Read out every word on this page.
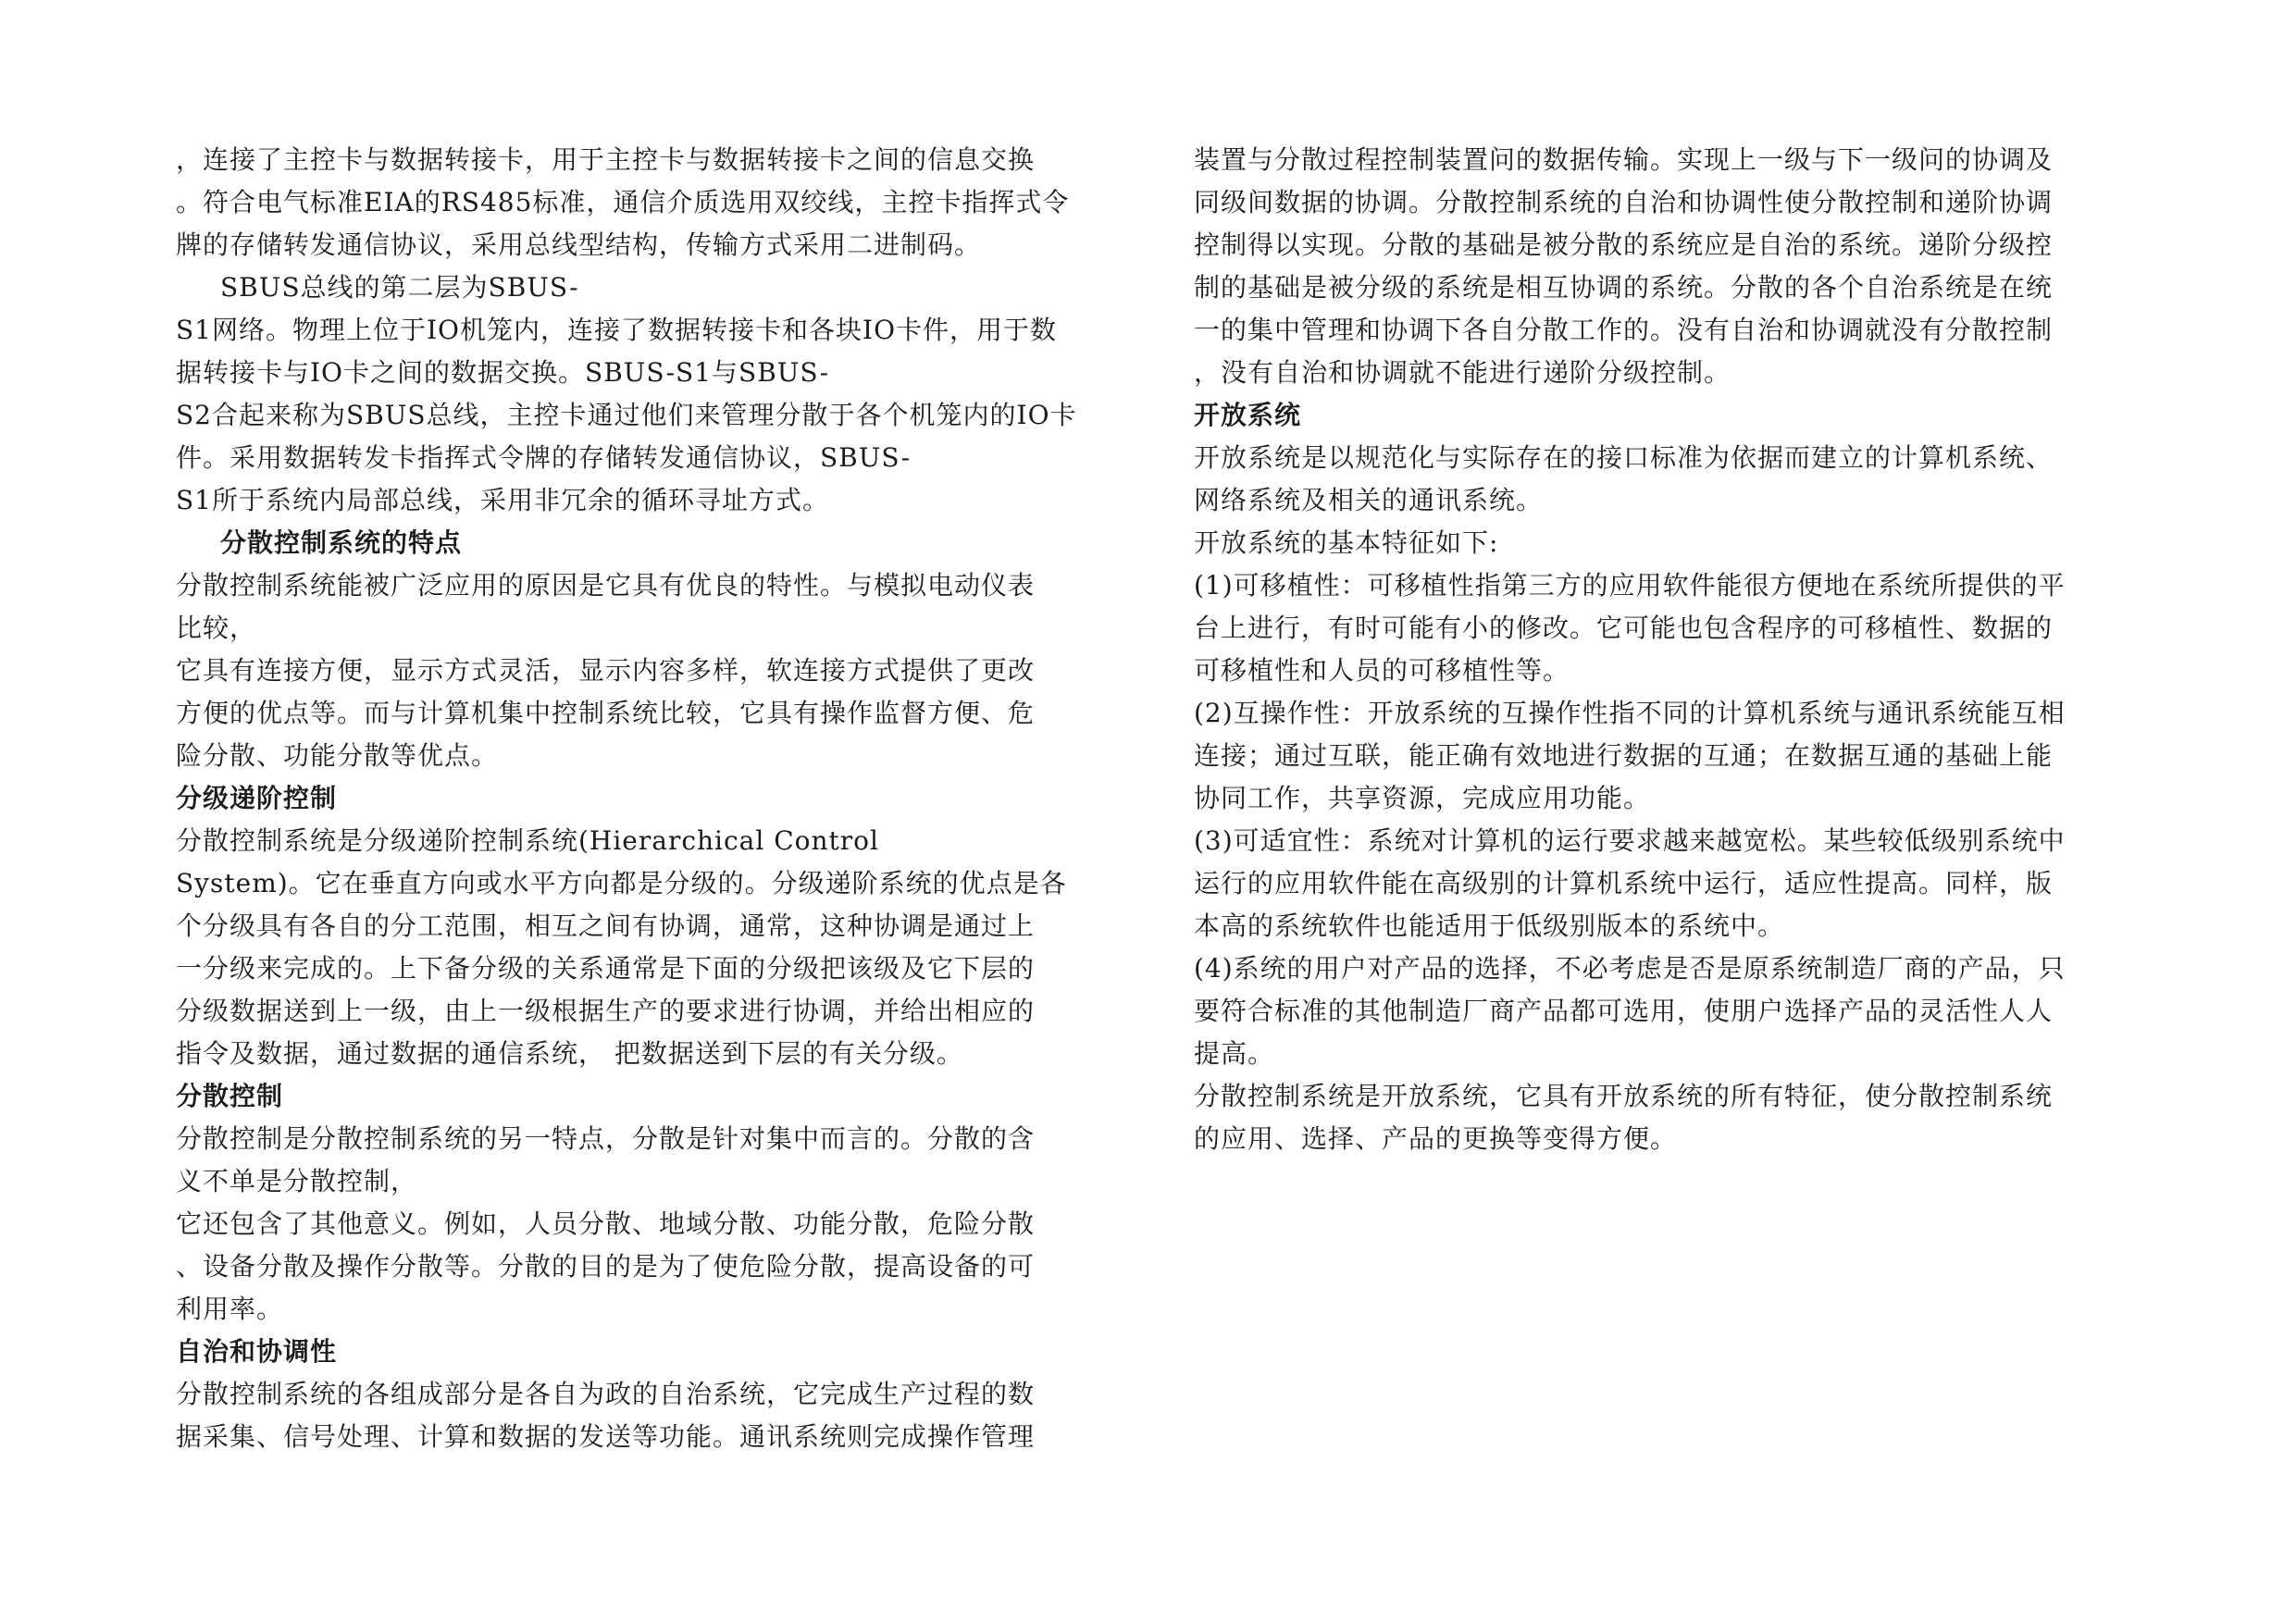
，连接了主控卡与数据转接卡，用于主控卡与数据转接卡之间的信息交换
。符合电气标准EIA的RS485标准，通信介质选用双绞线，主控卡指挥式令
牌的存储转发通信协议，采用总线型结构，传输方式采用二进制码。
SBUS总线的第二层为SBUS-
S1网络。物理上位于IO机笼内，连接了数据转接卡和各块IO卡件，用于数
据转接卡与IO卡之间的数据交换。SBUS-S1与SBUS-
S2合起来称为SBUS总线，主控卡通过他们来管理分散于各个机笼内的IO卡
件。采用数据转发卡指挥式令牌的存储转发通信协议，SBUS-
S1所于系统内局部总线，采用非冗余的循环寻址方式。
分散控制系统的特点
分散控制系统能被广泛应用的原因是它具有优良的特性。与模拟电动仪表
比较，
它具有连接方便，显示方式灵活，显示内容多样，软连接方式提供了更改
方便的优点等。而与计算机集中控制系统比较，它具有操作监督方便、危
险分散、功能分散等优点。
分级递阶控制
分散控制系统是分级递阶控制系统(Hierarchical Control
System)。它在垂直方向或水平方向都是分级的。分级递阶系统的优点是各
个分级具有各自的分工范围，相互之间有协调，通常，这种协调是通过上
一分级来完成的。上下备分级的关系通常是下面的分级把该级及它下层的
分级数据送到上一级，由上一级根据生产的要求进行协调，并给出相应的
指令及数据，通过数据的通信系统， 把数据送到下层的有关分级。
分散控制
分散控制是分散控制系统的另一特点，分散是针对集中而言的。分散的含
义不单是分散控制，
它还包含了其他意义。例如，人员分散、地域分散、功能分散，危险分散
、设备分散及操作分散等。分散的目的是为了使危险分散，提高设备的可
利用率。
自治和协调性
分散控制系统的各组成部分是各自为政的自治系统，它完成生产过程的数
据采集、信号处理、计算和数据的发送等功能。通讯系统则完成操作管理
装置与分散过程控制装置问的数据传输。实现上一级与下一级问的协调及
同级间数据的协调。分散控制系统的自治和协调性使分散控制和递阶协调
控制得以实现。分散的基础是被分散的系统应是自治的系统。递阶分级控
制的基础是被分级的系统是相互协调的系统。分散的各个自治系统是在统
一的集中管理和协调下各自分散工作的。没有自治和协调就没有分散控制
，没有自治和协调就不能进行递阶分级控制。
开放系统
开放系统是以规范化与实际存在的接口标准为依据而建立的计算机系统、
网络系统及相关的通讯系统。
开放系统的基本特征如下:
(1)可移植性：可移植性指第三方的应用软件能很方便地在系统所提供的平
台上进行，有时可能有小的修改。它可能也包含程序的可移植性、数据的
可移植性和人员的可移植性等。
(2)互操作性：开放系统的互操作性指不同的计算机系统与通讯系统能互相
连接；通过互联，能正确有效地进行数据的互通；在数据互通的基础上能
协同工作，共享资源，完成应用功能。
(3)可适宜性：系统对计算机的运行要求越来越宽松。某些较低级别系统中
运行的应用软件能在高级别的计算机系统中运行，适应性提高。同样，版
本高的系统软件也能适用于低级别版本的系统中。
(4)系统的用户对产品的选择，不必考虑是否是原系统制造厂商的产品，只
要符合标准的其他制造厂商产品都可选用，使朋户选择产品的灵活性人人
提高。
分散控制系统是开放系统，它具有开放系统的所有特征，使分散控制系统
的应用、选择、产品的更换等变得方便。
